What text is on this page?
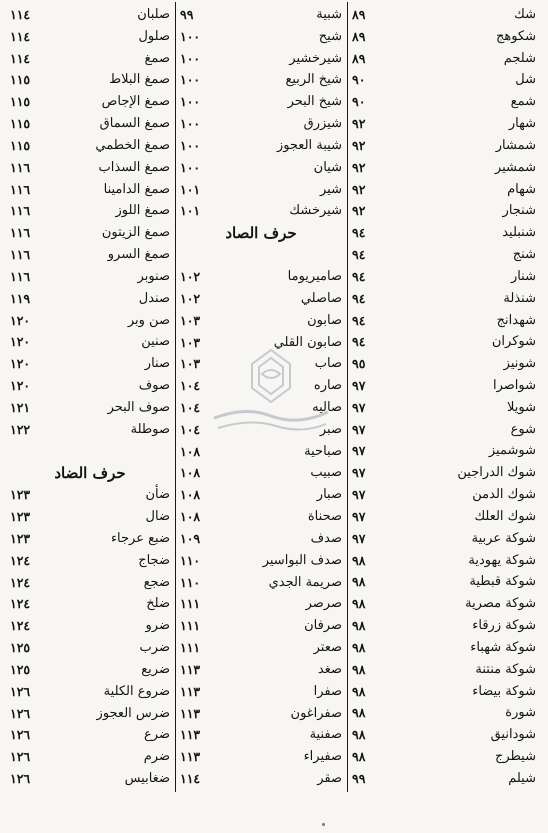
شك
٨٩
شكوهج
٨٩
شلجم
٨٩
شل
٩٠
شمع
٩٠
شهار
٩٢
شمشار
٩٢
شمشير
٩٢
شهام
٩٢
شنجار
٩٢
شنبليد
٩٤
شنج
٩٤
شنار
٩٤
شنذلة
٩٤
شهدانج
٩٤
شوكران
٩٤
شونيز
٩٥
شواصرا
٩٧
شويلا
٩٧
شوع
٩٧
شوشميز
٩٧
شوك الدراجين
٩٧
شوك الدمن
٩٧
شوك العلك
٩٧
شوكة عربية
٩٧
شوكة يهودية
٩٨
شوكة قبطية
٩٨
شوكة مصرية
٩٨
شوكة زرقاء
٩٨
شوكة شهباء
٩٨
شوكة منتنة
٩٨
شوكة بيضاء
٩٨
شورة
٩٨
شودانيق
٩٨
شيطرج
٩٨
شيلم
٩٩
شبية
٩٩
شيح
١٠٠
شيرخشير
١٠٠
شيخ الربيع
١٠٠
شيخ البحر
١٠٠
شيزرق
١٠٠
شيبة العجوز
١٠٠
شيان
١٠٠
شير
١٠١
شيرخشك
١٠١
حرف الصاد
صاميريوما
١٠٢
صاصلي
١٠٢
صابون
١٠٣
صابون القلي
١٠٣
صاب
١٠٣
صاره
١٠٤
صاليه
١٠٤
صبر
١٠٤
صباحية
١٠٨
صبيب
١٠٨
صبار
١٠٨
صحناة
١٠٨
صدف
١٠٩
صدف البواسير
١١٠
صريمة الجدي
١١٠
صرصر
١١١
صرفان
١١١
صعتر
١١١
صغد
١١٣
صفرا
١١٣
صفراغون
١١٣
صفنية
١١٣
صفيراء
١١٣
صقر
١١٤
صلبان
١١٤
صلول
١١٤
صمغ
١١٤
صمغ البلاط
١١٥
صمغ الإجاص
١١٥
صمغ السماق
١١٥
صمغ الخطمي
١١٥
صمغ السذاب
١١٦
صمغ الدامينا
١١٦
صمغ اللوز
١١٦
صمغ الزيتون
١١٦
صمغ السرو
١١٦
صنوبر
١١٦
صندل
١١٩
صن وبر
١٢٠
صنين
١٢٠
صنار
١٢٠
صوف
١٢٠
صوف البحر
١٢١
صوطلة
١٢٢
حرف الضاد
ضأن
١٢٣
ضال
١٢٣
ضبع عرجاء
١٢٣
ضجاج
١٢٤
ضجع
١٢٤
ضلخ
١٢٤
ضرو
١٢٤
ضرب
١٢٥
ضريع
١٢٥
ضروع الكلية
١٢٦
ضرس العجوز
١٢٦
ضرع
١٢٦
ضرم
١٢٦
ضغابيس
١٢٦
